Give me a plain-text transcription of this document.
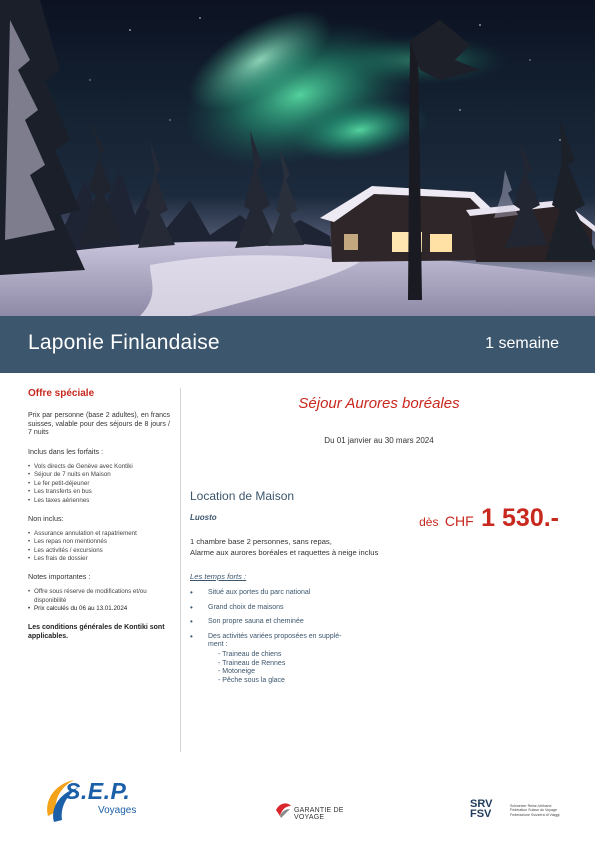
Laponie Finlandaise	1 semaine
Offre spéciale
Prix par personne (base 2 adultes), en francs suisses, valable pour des séjours de 8 jours / 7 nuits
Inclus dans les forfaits :
• Vols directs de Genève avec Kontiki
• Séjour de 7 nuits en Maison
• Le fer petit-déjeuner
• Les transferts en bus
• Les taxes aériennes
Non inclus:
• Assurance annulation et rapatriement
• Les repas non mentionnés
• Les activités / excursions
• Les frais de dossier
Notes importantes :
• Offre sous réserve de modifications et/ou disponibilité
• Prix calculés du 06 au 13.01.2024
Les conditions générales de Kontiki sont applicables.
Séjour Aurores boréales
Du 01 janvier au 30 mars 2024
Location de Maison
Luosto	dès CHF 1 530.-
1 chambre base 2 personnes, sans repas,
Alarme aux aurores boréales et raquettes à neige inclus
Les temps forts :
• Situé aux portes du parc national
• Grand choix de maisons
• Son propre sauna et cheminée
• Des activités variées proposées en supplé-
ment :
- Traineau de chiens
- Traineau de Rennes
- Motoneige
- Pêche sous la glace
S.E.P.
Voyages	GARANTIE DE VOYAGE
SRV
FSV
Schweizer Reise-Verband
Fédération Suisse du Voyage
Federazione Svizzera di Viaggi
